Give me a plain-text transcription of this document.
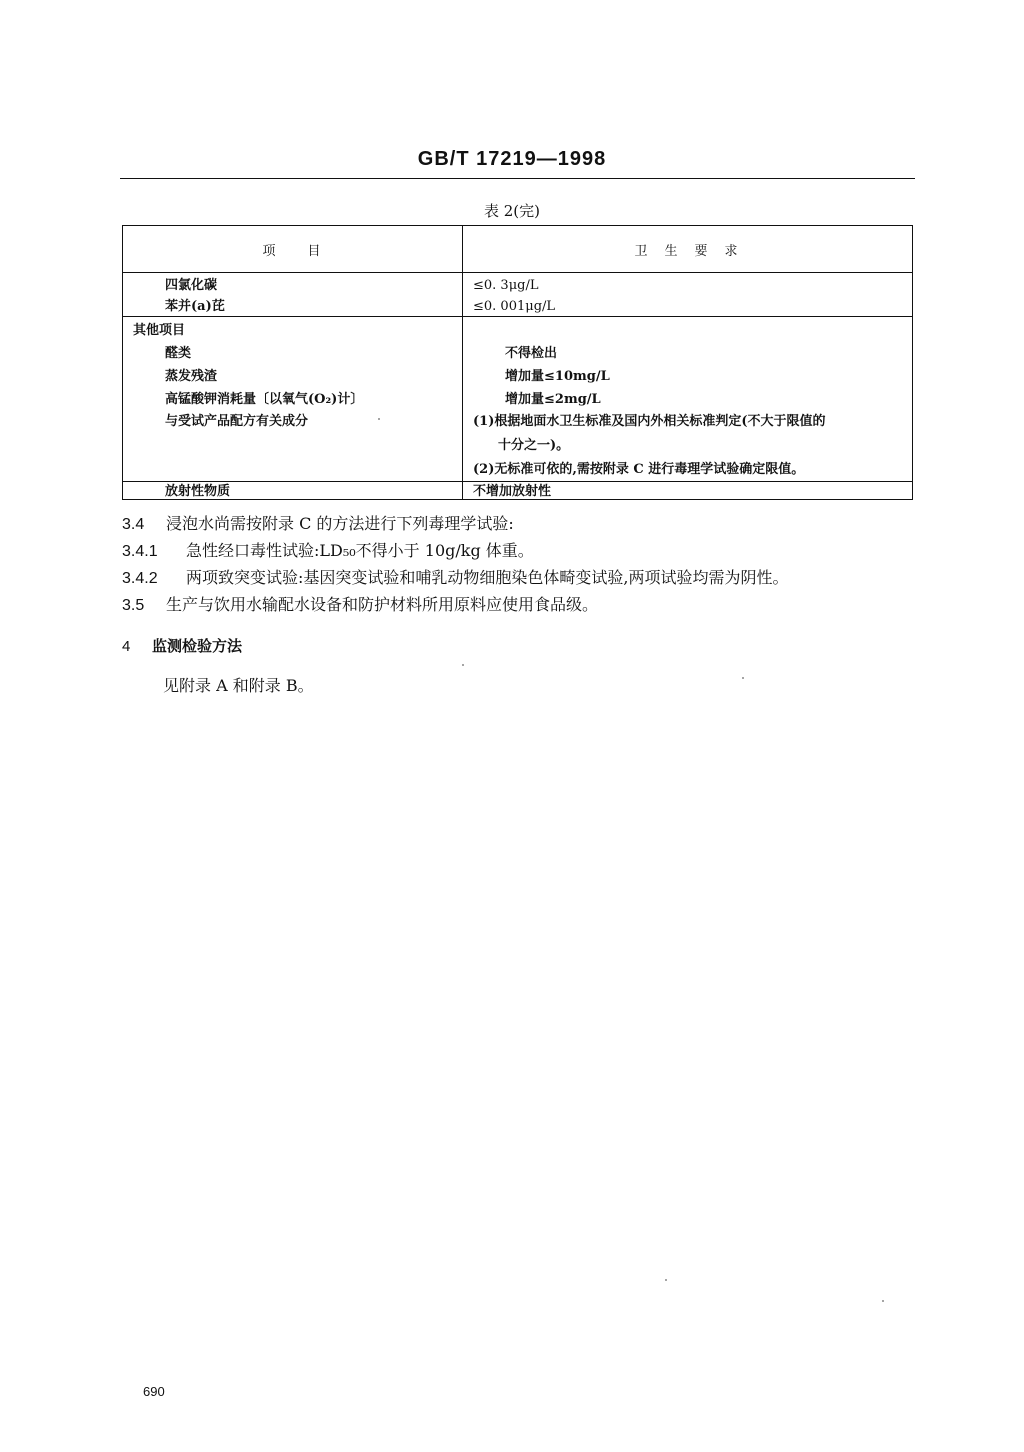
GB/T 17219—1998
表 2(完)
项　　目	卫　生　要　求
四氯化碳	≤0. 3μg/L
苯并(a)芘	≤0. 001μg/L
其他项目
醛类	不得检出
蒸发残渣	增加量≤10mg/L
高锰酸钾消耗量〔以氧气(O₂)计〕	增加量≤2mg/L
与受试产品配方有关成分	(1)根据地面水卫生标准及国内外相关标准判定(不大于限值的
十分之一)。
(2)无标准可依的,需按附录 C 进行毒理学试验确定限值。
放射性物质	不增加放射性
3.4 浸泡水尚需按附录 C 的方法进行下列毒理学试验:
3.4.1 急性经口毒性试验:LD₅₀不得小于 10g/kg 体重。
3.4.2 两项致突变试验:基因突变试验和哺乳动物细胞染色体畸变试验,两项试验均需为阴性。
3.5 生产与饮用水输配水设备和防护材料所用原料应使用食品级。
4 监测检验方法
见附录 A 和附录 B。
690
